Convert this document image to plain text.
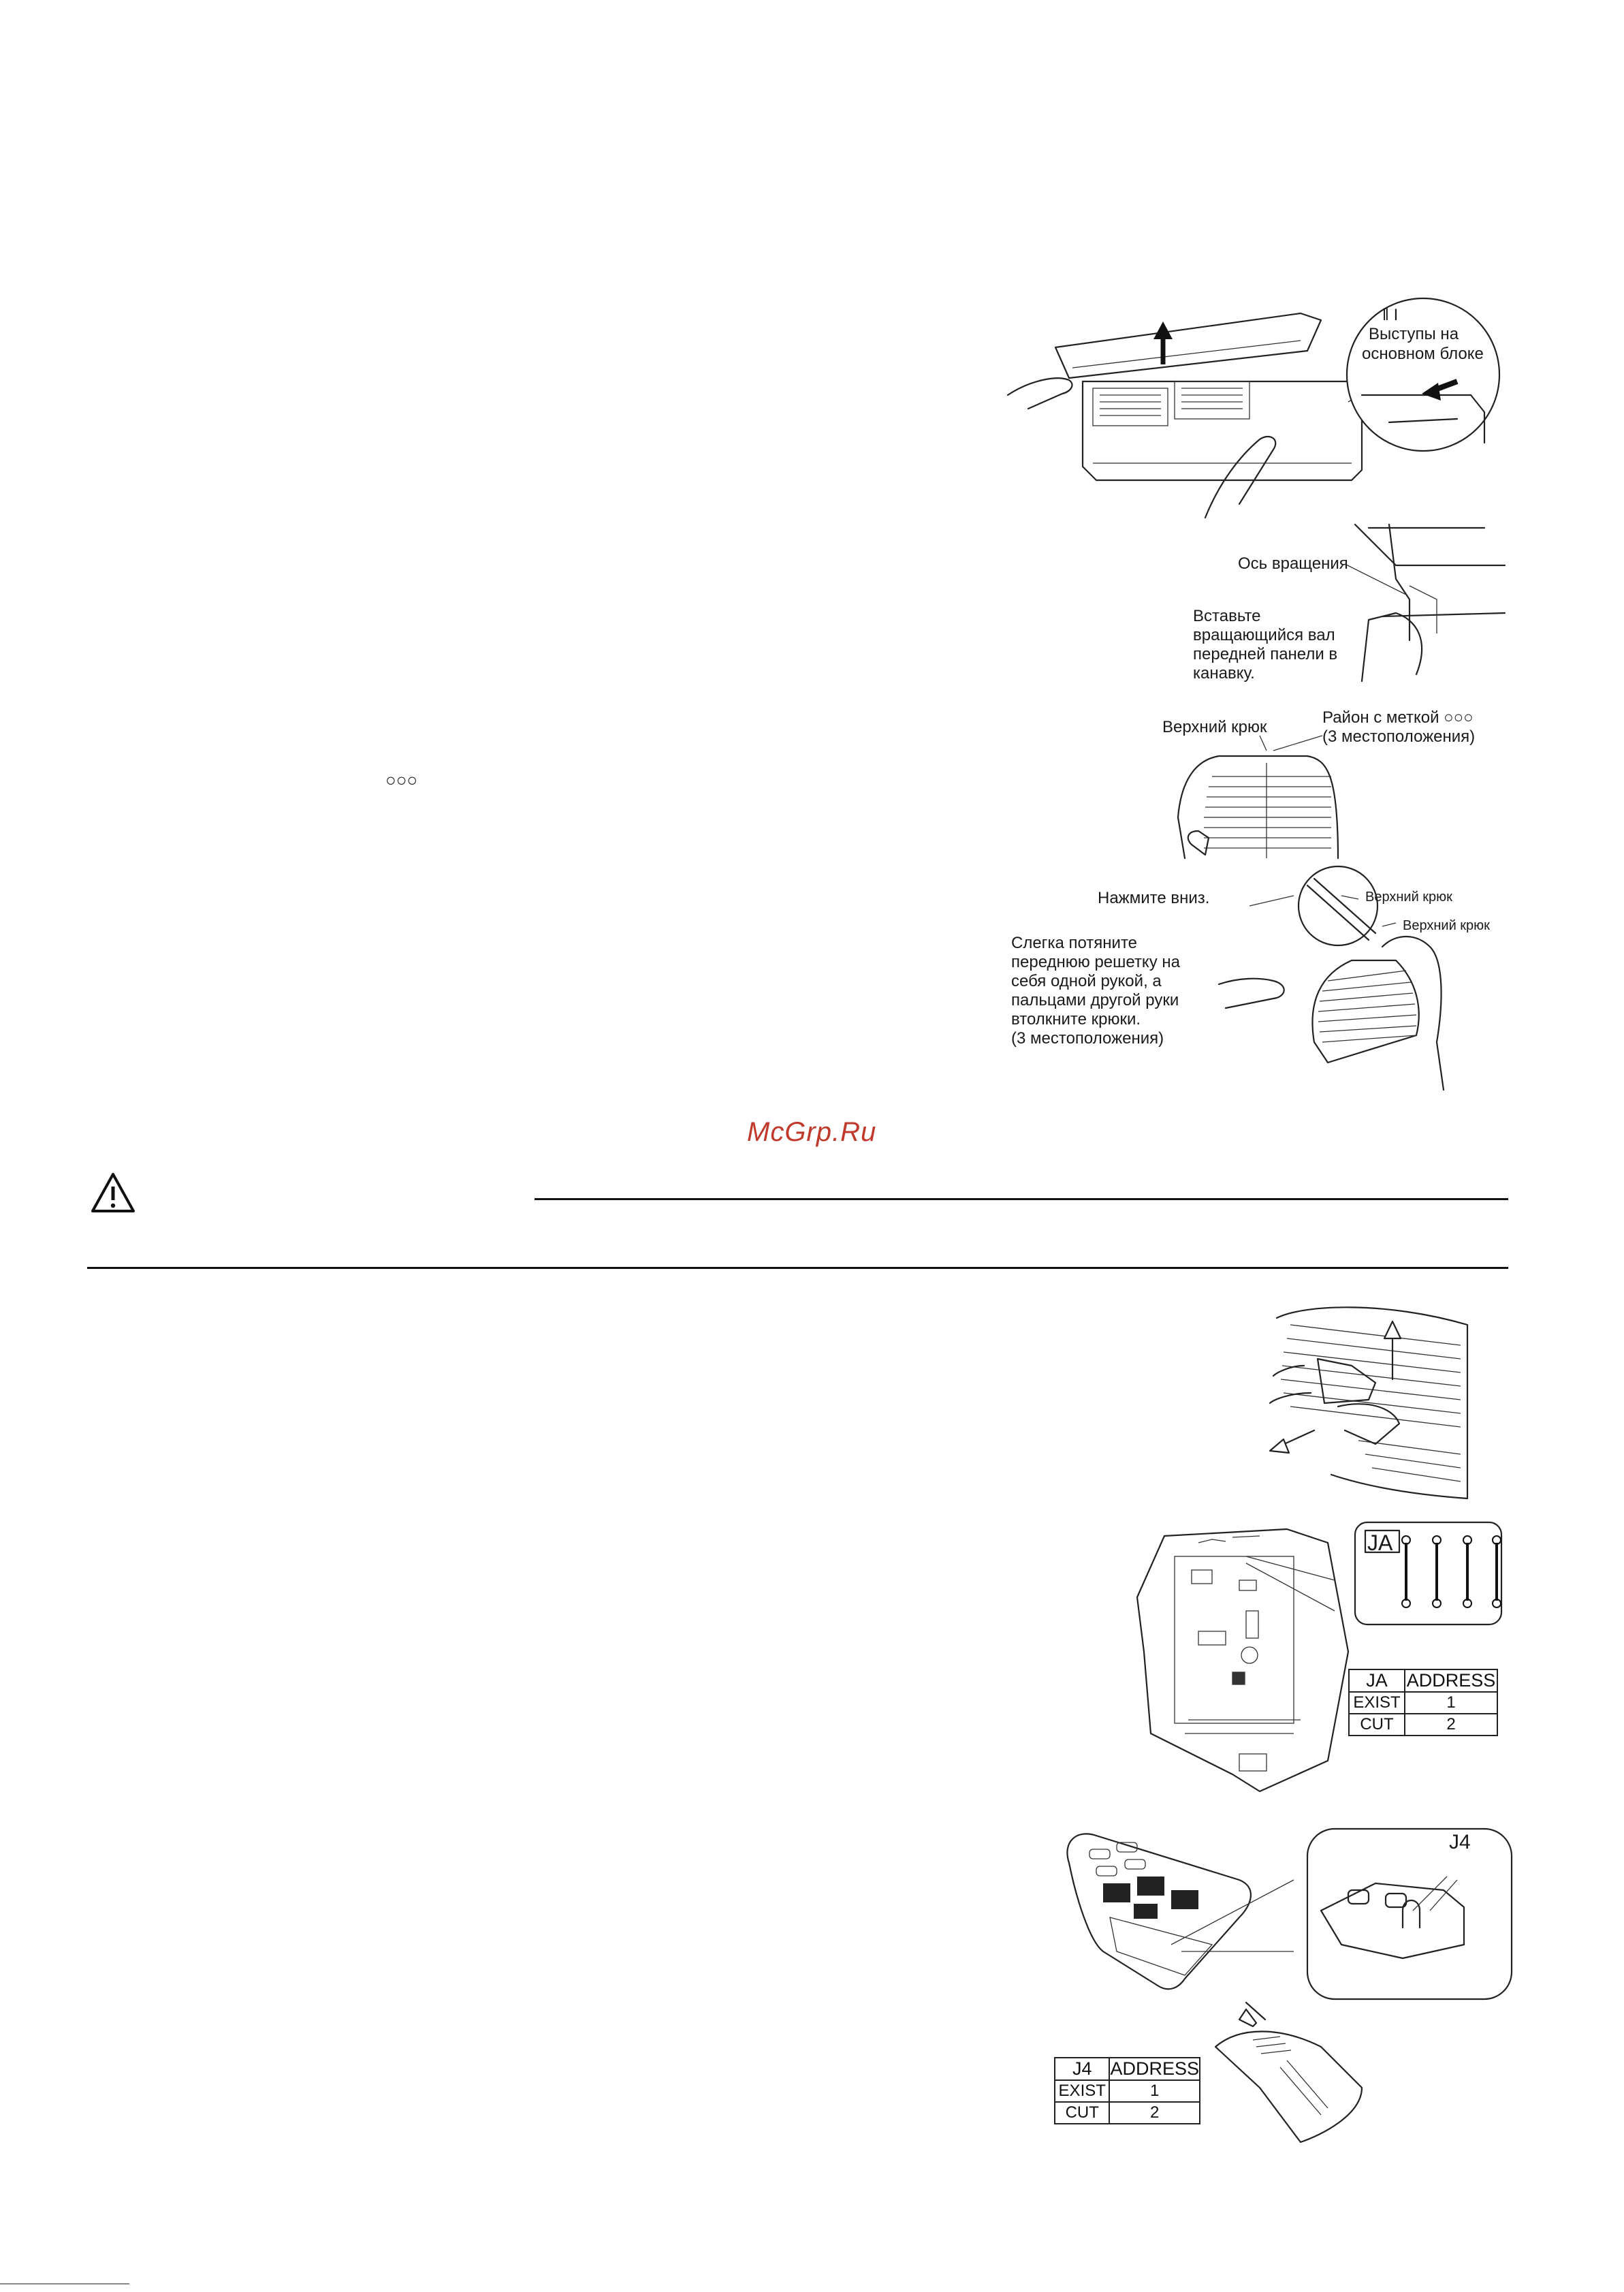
‖ I
Выступы на
основном блоке
Ось вращения
Вставьте
вращающийся вал
передней панели в
канавку.
Верхний крюк
Район с меткой ○○○
(3 местоположения)
○○○
Нажмите вниз.	Верхний крюк
Верхний крюк
Слегка потяните
переднюю решетку на
себя одной рукой, а
пальцами другой руки
втолкните крюки.
(3 местоположения)
McGrp.Ru
JA
JA	ADDRESS
EXIST	1
CUT	2
J4
J4	ADDRESS
EXIST	1
CUT	2
